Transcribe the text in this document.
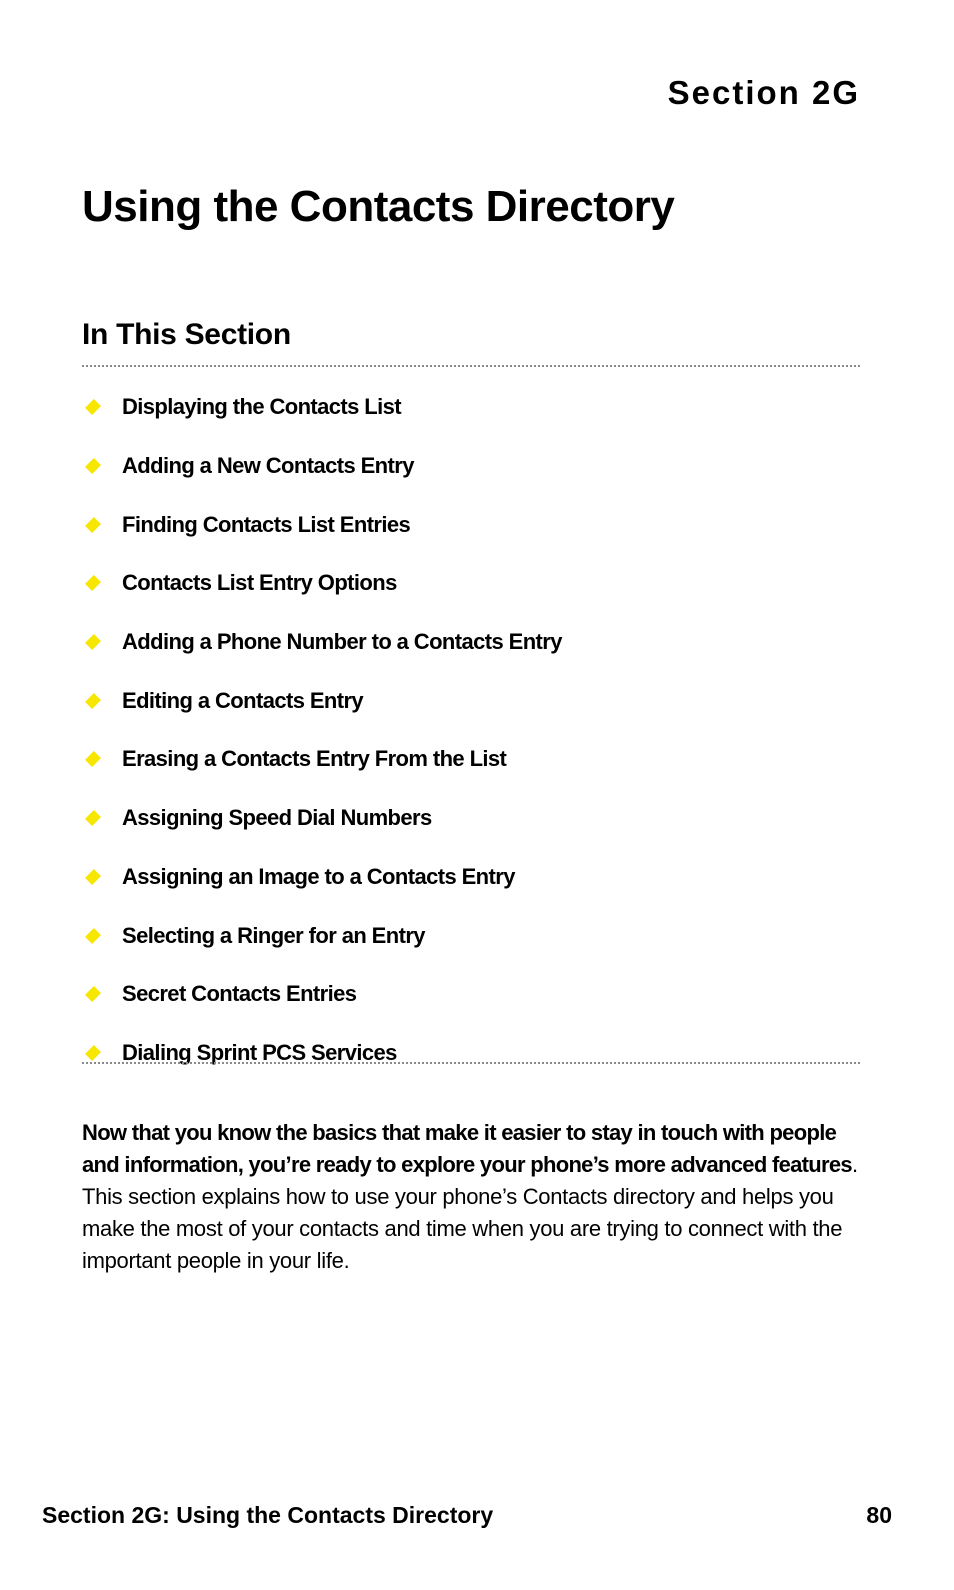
Section 2G
Using the Contacts Directory
In This Section
Displaying the Contacts List
Adding a New Contacts Entry
Finding Contacts List Entries
Contacts List Entry Options
Adding a Phone Number to a Contacts Entry
Editing a Contacts Entry
Erasing a Contacts Entry From the List
Assigning Speed Dial Numbers
Assigning an Image to a Contacts Entry
Selecting a Ringer for an Entry
Secret Contacts Entries
Dialing Sprint PCS Services

Now that you know the basics that make it easier to stay in touch with people and information, you’re ready to explore your phone’s more advanced features. This section explains how to use your phone’s Contacts directory and helps you make the most of your contacts and time when you are trying to connect with the important people in your life.

Section 2G: Using the Contacts Directory	80
